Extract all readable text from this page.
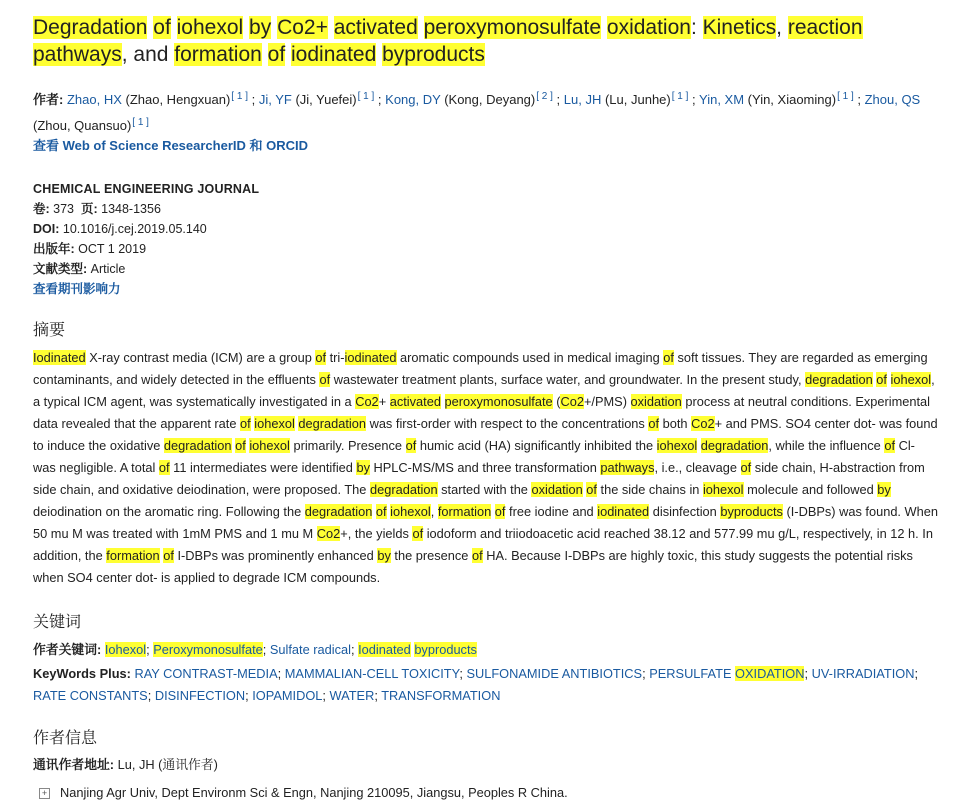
Degradation of iohexol by Co2+ activated peroxymonosulfate oxidation: Kinetics, reaction pathways, and formation of iodinated byproducts
作者: Zhao, HX (Zhao, Hengxuan)[ 1 ] ; Ji, YF (Ji, Yuefei)[ 1 ] ; Kong, DY (Kong, Deyang)[ 2 ] ; Lu, JH (Lu, Junhe)[ 1 ] ; Yin, XM (Yin, Xiaoming)[ 1 ] ; Zhou, QS (Zhou, Quansuo)[ 1 ]
查看 Web of Science ResearcherID 和 ORCID
CHEMICAL ENGINEERING JOURNAL
卷: 373 页: 1348-1356
DOI: 10.1016/j.cej.2019.05.140
出版年: OCT 1 2019
文献类型: Article
查看期刊影响力
摘要

Iodinated X-ray contrast media (ICM) are a group of tri-iodinated aromatic compounds used in medical imaging of soft tissues. They are regarded as emerging contaminants, and widely detected in the effluents of wastewater treatment plants, surface water, and groundwater. In the present study, degradation of iohexol, a typical ICM agent, was systematically investigated in a Co2+ activated peroxymonosulfate (Co2+/PMS) oxidation process at neutral conditions. Experimental data revealed that the apparent rate of iohexol degradation was first-order with respect to the concentrations of both Co2+ and PMS. SO4 center dot- was found to induce the oxidative degradation of iohexol primarily. Presence of humic acid (HA) significantly inhibited the iohexol degradation, while the influence of Cl- was negligible. A total of 11 intermediates were identified by HPLC-MS/MS and three transformation pathways, i.e., cleavage of side chain, H-abstraction from side chain, and oxidative deiodination, were proposed. The degradation started with the oxidation of the side chains in iohexol molecule and followed by deiodination on the aromatic ring. Following the degradation of iohexol, formation of free iodine and iodinated disinfection byproducts (I-DBPs) was found. When 50 mu M was treated with 1mM PMS and 1 mu M Co2+, the yields of iodoform and triiodoacetic acid reached 38.12 and 577.99 mu g/L, respectively, in 12 h. In addition, the formation of I-DBPs was prominently enhanced by the presence of HA. Because I-DBPs are highly toxic, this study suggests the potential risks when SO4 center dot- is applied to degrade ICM compounds.

关键词
作者关键词: Iohexol; Peroxymonosulfate; Sulfate radical; Iodinated byproducts
KeyWords Plus: RAY CONTRAST-MEDIA; MAMMALIAN-CELL TOXICITY; SULFONAMIDE ANTIBIOTICS; PERSULFATE OXIDATION; UV-IRRADIATION; RATE CONSTANTS; DISINFECTION; IOPAMIDOL; WATER; TRANSFORMATION
作者信息
通讯作者地址: Lu, JH (通讯作者)
+ Nanjing Agr Univ, Dept Environm Sci & Engn, Nanjing 210095, Jiangsu, Peoples R China.
